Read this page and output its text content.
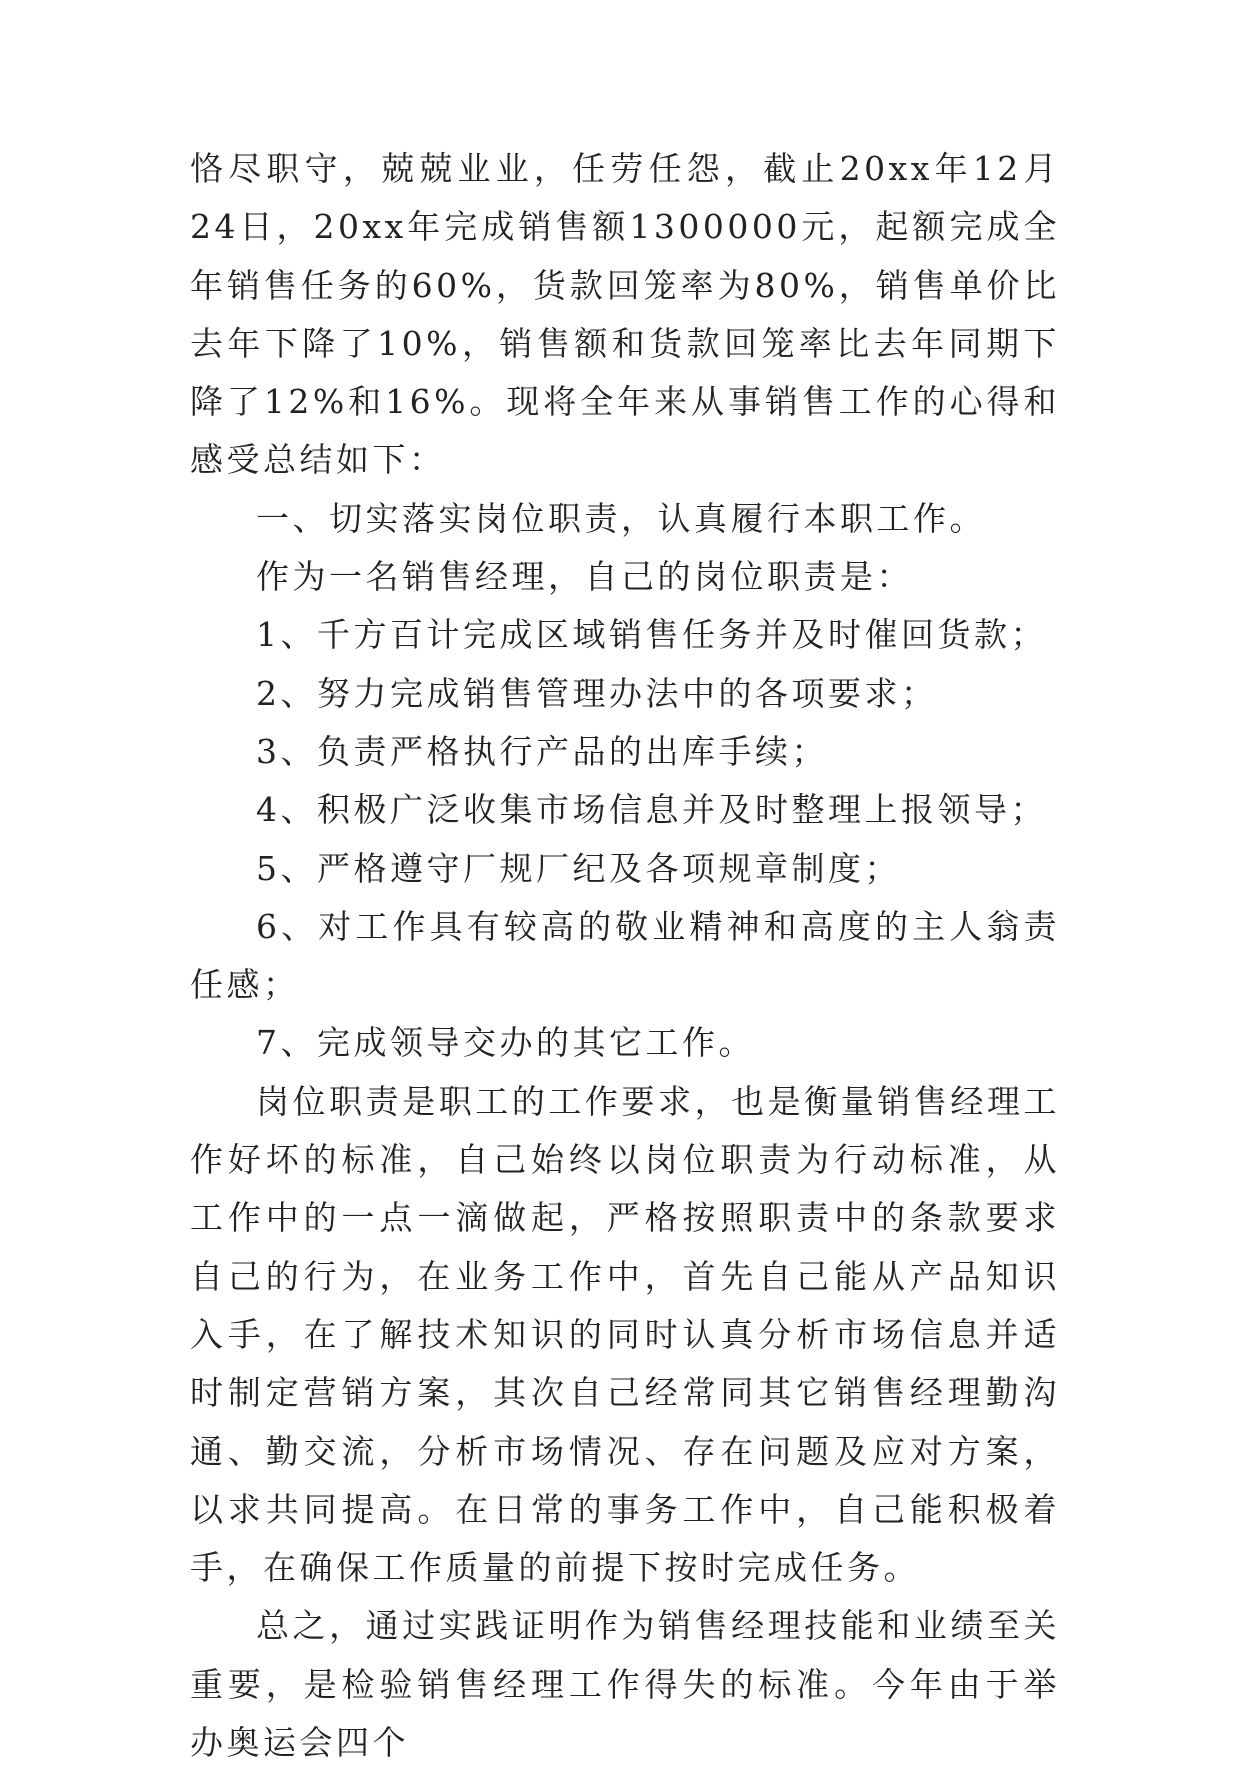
恪尽职守，兢兢业业，任劳任怨，截止20xx年12月24日，20xx年完成销售额1300000元，起额完成全年销售任务的60%，货款回笼率为80%，销售单价比去年下降了10%，销售额和货款回笼率比去年同期下降了12%和16%。现将全年来从事销售工作的心得和感受总结如下：

一、切实落实岗位职责，认真履行本职工作。

作为一名销售经理，自己的岗位职责是：

1、千方百计完成区域销售任务并及时催回货款；

2、努力完成销售管理办法中的各项要求；

3、负责严格执行产品的出库手续；

4、积极广泛收集市场信息并及时整理上报领导；

5、严格遵守厂规厂纪及各项规章制度；

6、对工作具有较高的敬业精神和高度的主人翁责任感；

7、完成领导交办的其它工作。

岗位职责是职工的工作要求，也是衡量销售经理工作好坏的标准，自己始终以岗位职责为行动标准，从工作中的一点一滴做起，严格按照职责中的条款要求自己的行为，在业务工作中，首先自己能从产品知识入手，在了解技术知识的同时认真分析市场信息并适时制定营销方案，其次自己经常同其它销售经理勤沟通、勤交流，分析市场情况、存在问题及应对方案，以求共同提高。在日常的事务工作中，自己能积极着手，在确保工作质量的前提下按时完成任务。

总之，通过实践证明作为销售经理技能和业绩至关重要，是检验销售经理工作得失的标准。今年由于举办奥运会四个
